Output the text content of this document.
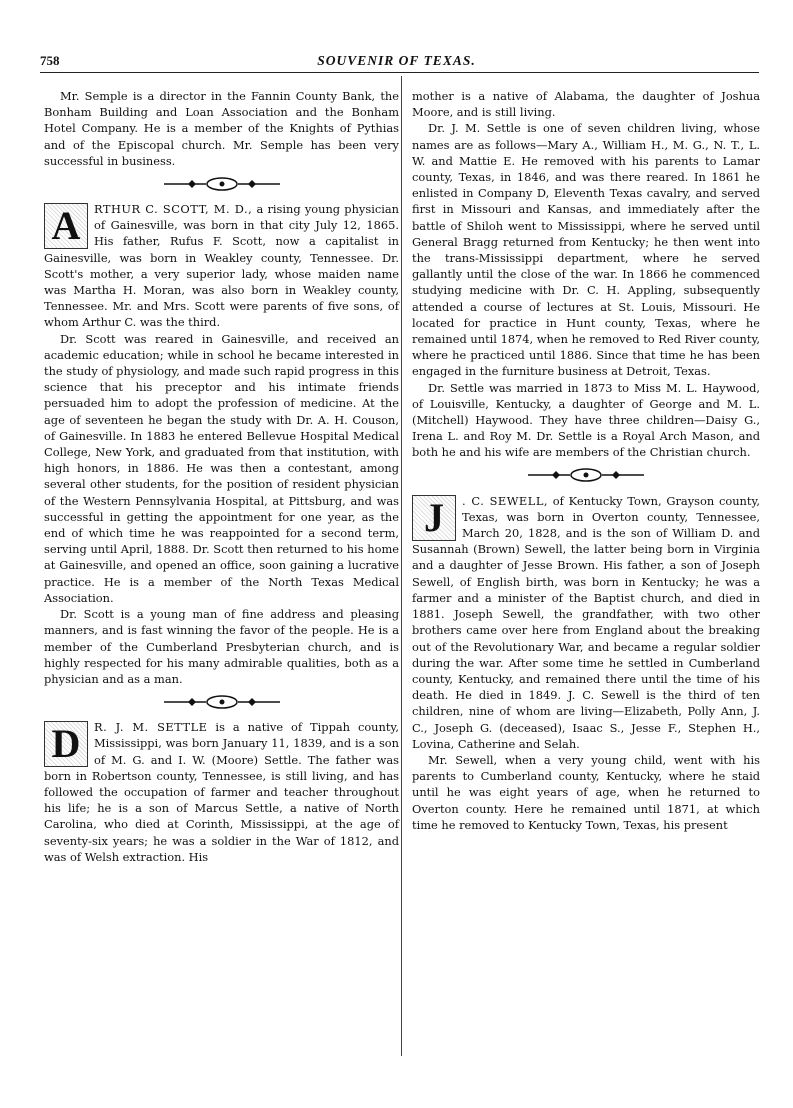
758	SOUVENIR OF TEXAS.

Mr. Semple is a director in the Fannin County Bank, the Bonham Building and Loan Association and the Bonham Hotel Company. He is a member of the Knights of Pythias and of the Episcopal church. Mr. Semple has been very successful in business.

A	RTHUR C. SCOTT, M. D., a rising young physician of Gainesville, was born in that city July 12, 1865. His father, Rufus F. Scott, now a capitalist in Gainesville, was born in Weakley county, Tennessee. Dr. Scott's mother, a very superior lady, whose maiden name was Martha H. Moran, was also born in Weakley county, Tennessee. Mr. and Mrs. Scott were parents of five sons, of whom Arthur C. was the third.

Dr. Scott was reared in Gainesville, and received an academic education; while in school he became interested in the study of physiology, and made such rapid progress in this science that his preceptor and his intimate friends persuaded him to adopt the profession of medicine. At the age of seventeen he began the study with Dr. A. H. Couson, of Gainesville. In 1883 he entered Bellevue Hospital Medical College, New York, and graduated from that institution, with high honors, in 1886. He was then a contestant, among several other students, for the position of resident physician of the Western Pennsylvania Hospital, at Pittsburg, and was successful in getting the appointment for one year, as the end of which time he was reappointed for a second term, serving until April, 1888. Dr. Scott then returned to his home at Gainesville, and opened an office, soon gaining a lucrative practice. He is a member of the North Texas Medical Association.

Dr. Scott is a young man of fine address and pleasing manners, and is fast winning the favor of the people. He is a member of the Cumberland Presbyterian church, and is highly respected for his many admirable qualities, both as a physician and as a man.

D	R. J. M. SETTLE is a native of Tippah county, Mississippi, was born January 11, 1839, and is a son of M. G. and I. W. (Moore) Settle. The father was born in Robertson county, Tennessee, is still living, and has followed the occupation of farmer and teacher throughout his life; he is a son of Marcus Settle, a native of North Carolina, who died at Corinth, Mississippi, at the age of seventy-six years; he was a soldier in the War of 1812, and was of Welsh extraction. His

mother is a native of Alabama, the daughter of Joshua Moore, and is still living.

Dr. J. M. Settle is one of seven children living, whose names are as follows—Mary A., William H., M. G., N. T., L. W. and Mattie E. He removed with his parents to Lamar county, Texas, in 1846, and was there reared. In 1861 he enlisted in Company D, Eleventh Texas cavalry, and served first in Missouri and Kansas, and immediately after the battle of Shiloh went to Mississippi, where he served until General Bragg returned from Kentucky; he then went into the trans-Mississippi department, where he served gallantly until the close of the war. In 1866 he commenced studying medicine with Dr. C. H. Appling, subsequently attended a course of lectures at St. Louis, Missouri. He located for practice in Hunt county, Texas, where he remained until 1874, when he removed to Red River county, where he practiced until 1886. Since that time he has been engaged in the furniture business at Detroit, Texas.

Dr. Settle was married in 1873 to Miss M. L. Haywood, of Louisville, Kentucky, a daughter of George and M. L. (Mitchell) Haywood. They have three children—Daisy G., Irena L. and Roy M. Dr. Settle is a Royal Arch Mason, and both he and his wife are members of the Christian church.

J	. C. SEWELL, of Kentucky Town, Grayson county, Texas, was born in Overton county, Tennessee, March 20, 1828, and is the son of William D. and Susannah (Brown) Sewell, the latter being born in Virginia and a daughter of Jesse Brown. His father, a son of Joseph Sewell, of English birth, was born in Kentucky; he was a farmer and a minister of the Baptist church, and died in 1881. Joseph Sewell, the grandfather, with two other brothers came over here from England about the breaking out of the Revolutionary War, and became a regular soldier during the war. After some time he settled in Cumberland county, Kentucky, and remained there until the time of his death. He died in 1849. J. C. Sewell is the third of ten children, nine of whom are living—Elizabeth, Polly Ann, J. C., Joseph G. (deceased), Isaac S., Jesse F., Stephen H., Lovina, Catherine and Selah.

Mr. Sewell, when a very young child, went with his parents to Cumberland county, Kentucky, where he staid until he was eight years of age, when he returned to Overton county. Here he remained until 1871, at which time he removed to Kentucky Town, Texas, his present
